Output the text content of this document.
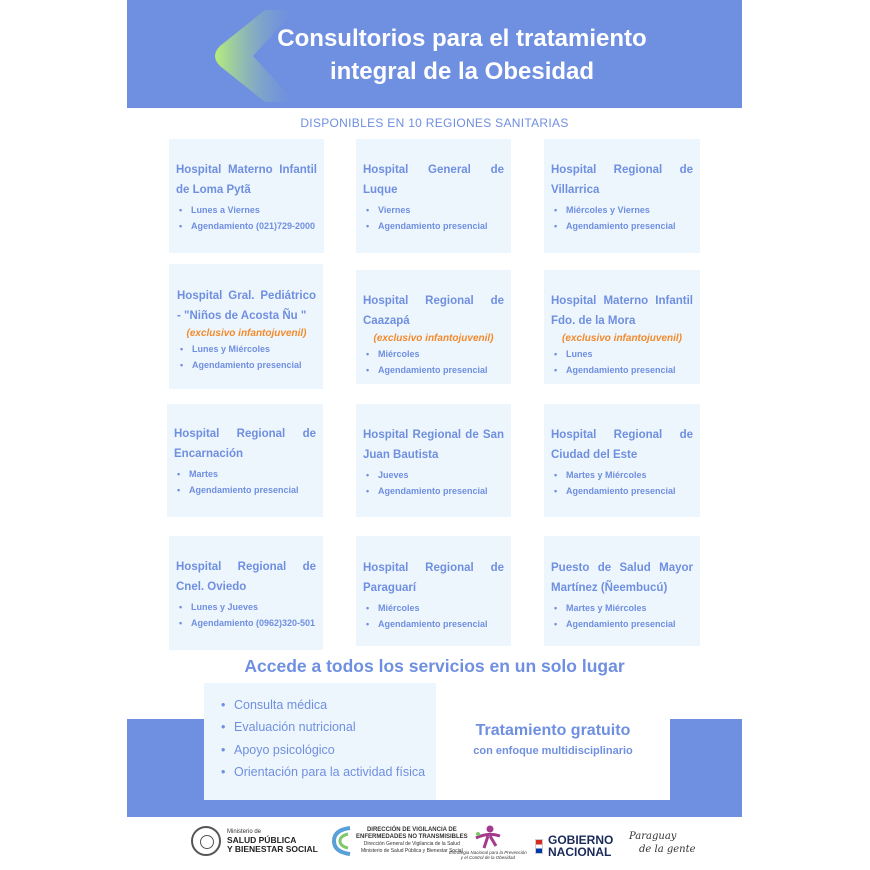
Consultorios para el tratamiento
integral de la Obesidad
DISPONIBLES EN 10 REGIONES SANITARIAS
Hospital Materno Infantil de Loma Pytã
• Lunes a Viernes
• Agendamiento (021)729-2000
Hospital General de Luque
• Viernes
• Agendamiento presencial
Hospital Regional de Villarrica
• Miércoles y Viernes
• Agendamiento presencial
Hospital Gral. Pediátrico - "Niños de Acosta Ñu "
(exclusivo infantojuvenil)
• Lunes y Miércoles
• Agendamiento presencial
Hospital Regional de Caazapá
(exclusivo infantojuvenil)
• Miércoles
• Agendamiento presencial
Hospital Materno Infantil Fdo. de la Mora
(exclusivo infantojuvenil)
• Lunes
• Agendamiento presencial
Hospital Regional de Encarnación
• Martes
• Agendamiento presencial
Hospital Regional de San Juan Bautista
• Jueves
• Agendamiento presencial
Hospital Regional de Ciudad del Este
• Martes y Miércoles
• Agendamiento presencial
Hospital Regional de Cnel. Oviedo
• Lunes y Jueves
• Agendamiento (0962)320-501
Hospital Regional de Paraguarí
• Miércoles
• Agendamiento presencial
Puesto de Salud Mayor Martínez (Ñeembucú)
• Martes y Miércoles
• Agendamiento presencial
Accede a todos los servicios en un solo lugar
• Consulta médica
• Evaluación nutricional
• Apoyo psicológico
• Orientación para la actividad física
Tratamiento gratuito
con enfoque multidisciplinario
Ministerio de
SALUD PÚBLICA
Y BIENESTAR SOCIAL
DIRECCIÓN DE VIGILANCIA DE
ENFERMEDADES NO TRANSMISIBLES
Dirección General de Vigilancia de la Salud
Ministerio de Salud Pública y Bienestar Social
Estrategia Nacional para la Prevención
y el Control de la Obesidad
GOBIERNO
NACIONAL
Paraguay
de la gente
